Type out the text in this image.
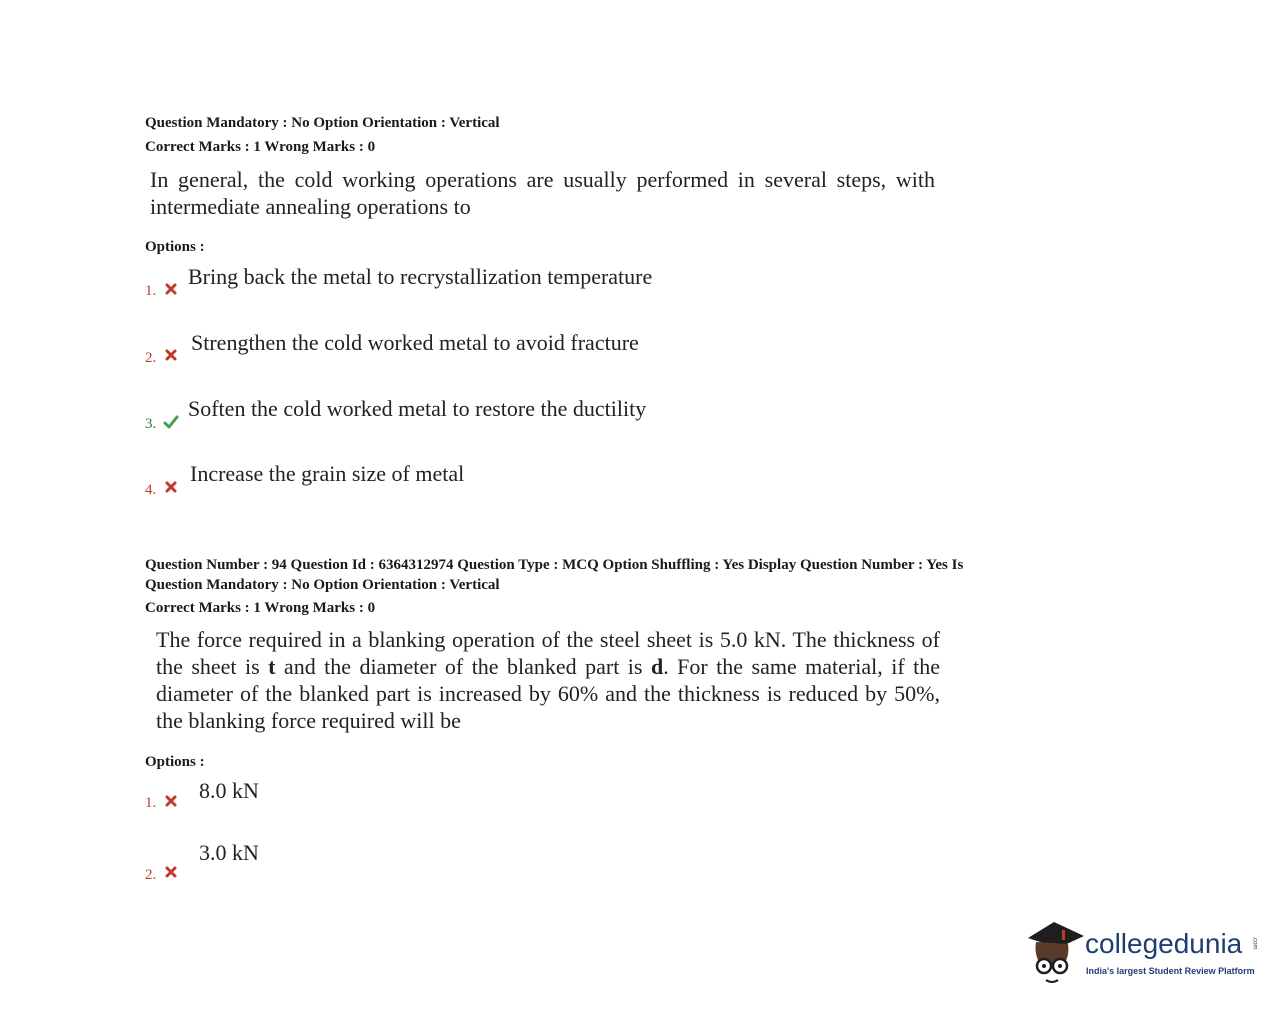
Question Mandatory : No Option Orientation : Vertical
Correct Marks : 1 Wrong Marks : 0
In general, the cold working operations are usually performed in several steps, with intermediate annealing operations to
Options :
1.
Bring back the metal to recrystallization temperature
2.
Strengthen the cold worked metal to avoid fracture
3.
Soften the cold worked metal to restore the ductility
4.
Increase the grain size of metal
Question Number : 94 Question Id : 6364312974 Question Type : MCQ Option Shuffling : Yes Display Question Number : Yes Is
Question Mandatory : No Option Orientation : Vertical
Correct Marks : 1 Wrong Marks : 0
The force required in a blanking operation of the steel sheet is 5.0 kN. The thickness of the sheet is t and the diameter of the blanked part is d. For the same material, if the diameter of the blanked part is increased by 60% and the thickness is reduced by 50%, the blanking force required will be
Options :
1. 8.0 kN
2.
3.0 kN
collegedunia .com
India's largest Student Review Platform
